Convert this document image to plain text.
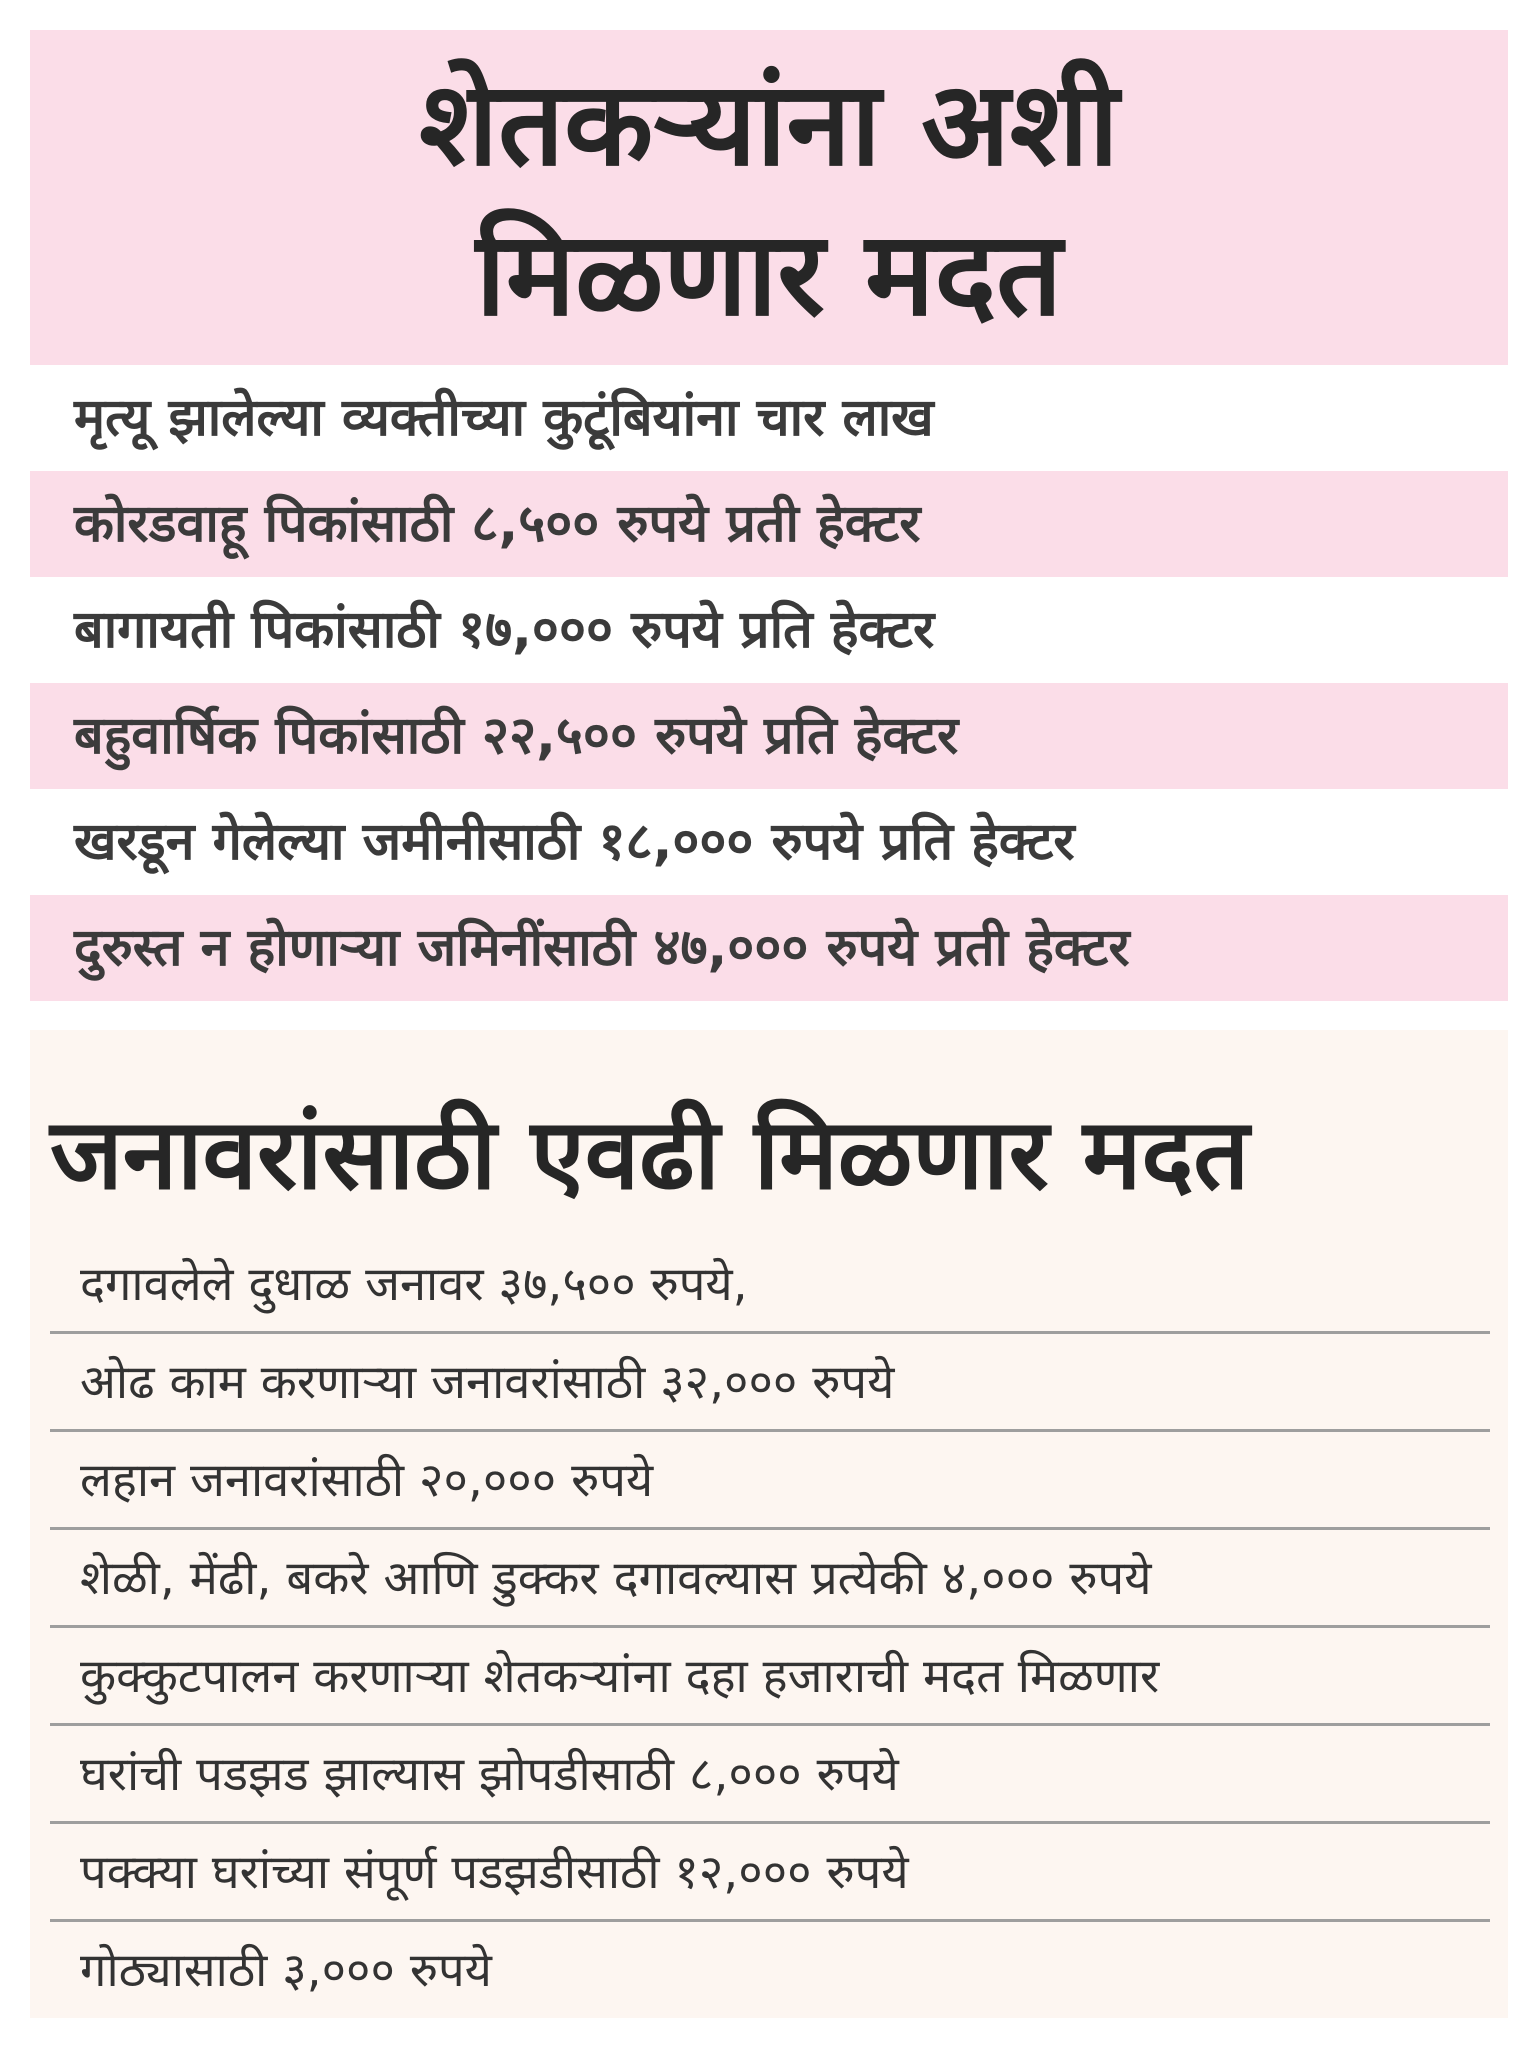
शेतकऱ्यांना अशी
मिळणार मदत
मृत्यू झालेल्या व्यक्तीच्या कुटूंबियांना चार लाख
कोरडवाहू पिकांसाठी ८,५०० रुपये प्रती हेक्टर
बागायती पिकांसाठी १७,००० रुपये प्रति हेक्टर
बहुवार्षिक पिकांसाठी २२,५०० रुपये प्रति हेक्टर
खरडून गेलेल्या जमीनीसाठी १८,००० रुपये प्रति हेक्टर
दुरुस्त न होणाऱ्या जमिनींसाठी ४७,००० रुपये प्रती हेक्टर
जनावरांसाठी एवढी मिळणार मदत
दगावलेले दुधाळ जनावर ३७,५०० रुपये,
ओढ काम करणाऱ्या जनावरांसाठी ३२,००० रुपये
लहान जनावरांसाठी २०,००० रुपये
शेळी, मेंढी, बकरे आणि डुक्कर दगावल्यास प्रत्येकी ४,००० रुपये
कुक्कुटपालन करणाऱ्या शेतकऱ्यांना दहा हजाराची मदत मिळणार
घरांची पडझड झाल्यास झोपडीसाठी ८,००० रुपये
पक्क्या घरांच्या संपूर्ण पडझडीसाठी १२,००० रुपये
गोठ्यासाठी ३,००० रुपये
